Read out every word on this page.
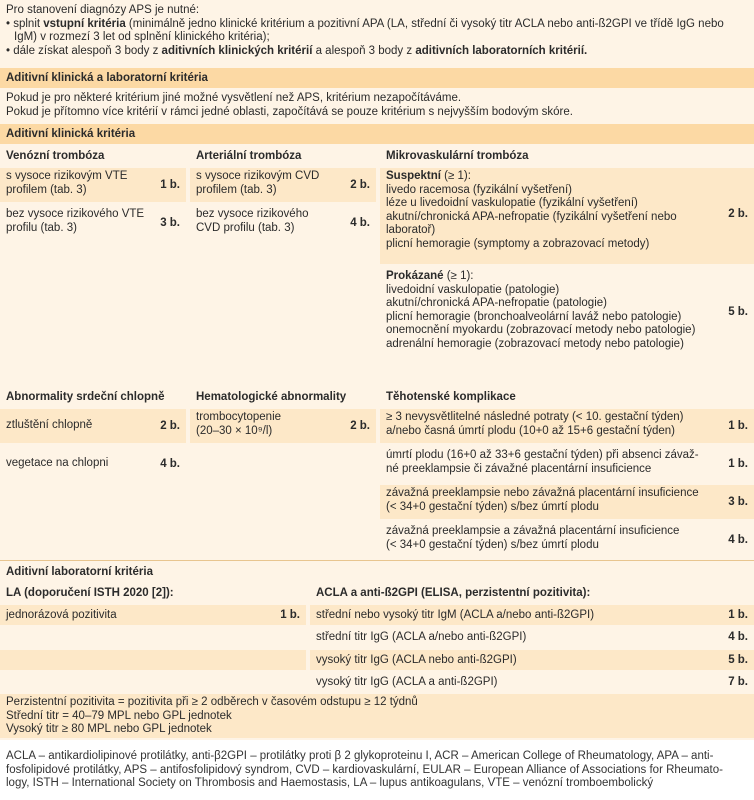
Pro stanovení diagnózy APS je nutné:
• splnit vstupní kritéria (minimálně jedno klinické kritérium a pozitivní APA (LA, střední či vysoký titr ACLA nebo anti-ß2GPI ve třídě IgG nebo
IgM) v rozmezí 3 let od splnění klinického kritéria);
• dále získat alespoň 3 body z aditivních klinických kritérií a alespoň 3 body z aditivních laboratorních kritérií.
Aditivní klinická a laboratorní kritéria
Pokud je pro některé kritérium jiné možné vysvětlení než APS, kritérium nezapočítáváme.
Pokud je přítomno více kritérií v rámci jedné oblasti, započítává se pouze kritérium s nejvyšším bodovým skóre.
Aditivní klinická kritéria
Venózní trombóza	Arteriální trombóza	Mikrovaskulární trombóza
s vysoce rizikovým VTE profilem (tab. 3)	1 b.
bez vysoce rizikového VTE profilu (tab. 3)	3 b.
s vysoce rizikovým CVD profilem (tab. 3)	2 b.
bez vysoce rizikového CVD profilu (tab. 3)	4 b.
Suspektní (≥ 1):
livedo racemosa (fyzikální vyšetření)
léze u livedoidní vaskulopatie (fyzikální vyšetření)
akutní/chronická APA-nefropatie (fyzikální vyšetření nebo laboratoř)
plicní hemoragie (symptomy a zobrazovací metody)
2 b.
Prokázané (≥ 1):
livedoidní vaskulopatie (patologie)
akutní/chronická APA-nefropatie (patologie)
plicní hemoragie (bronchoalveolární laváž nebo patologie)
onemocnění myokardu (zobrazovací metody nebo patologie)
adrenální hemoragie (zobrazovací metody nebo patologie)
5 b.
Abnormality srdeční chlopně	Hematologické abnormality	Těhotenské komplikace
ztluštění chlopně	2 b.
vegetace na chlopni	4 b.
trombocytopenie
(20–30 × 10⁹/l)	2 b.
≥ 3 nevysvětlitelné následné potraty (< 10. gestační týden)
a/nebo časná úmrtí plodu (10+0 až 15+6 gestační týden)	1 b.
úmrtí plodu (16+0 až 33+6 gestační týden) při absenci závaž-
né preeklampsie či závažné placentární insuficience	1 b.
závažná preeklampsie nebo závažná placentární insuficience
(< 34+0 gestační týden) s/bez úmrtí plodu	3 b.
závažná preeklampsie a závažná placentární insuficience
(< 34+0 gestační týden) s/bez úmrtí plodu	4 b.
Aditivní laboratorní kritéria
LA (doporučení ISTH 2020 [2]):	ACLA a anti-ß2GPI (ELISA, perzistentní pozitivita):
jednorázová pozitivita	1 b. střední nebo vysoký titr IgM (ACLA a/nebo anti-ß2GPI)	1 b.
střední titr IgG (ACLA a/nebo anti-ß2GPI)	4 b.
vysoký titr IgG (ACLA nebo anti-ß2GPI)	5 b.
vysoký titr IgG (ACLA a anti-ß2GPI)	7 b.
Perzistentní pozitivita = pozitivita při ≥ 2 odběrech v časovém odstupu ≥ 12 týdnů
Střední titr = 40–79 MPL nebo GPL jednotek
Vysoký titr ≥ 80 MPL nebo GPL jednotek
ACLA – antikardiolipinové protilátky, anti-β2GPI – protilátky proti β 2 glykoproteinu I, ACR – American College of Rheumatology, APA – anti-
fosfolipidové protilátky, APS – antifosfolipidový syndrom, CVD – kardiovaskulární, EULAR – European Alliance of Associations for Rheumato-
logy, ISTH – International Society on Thrombosis and Haemostasis, LA – lupus antikoagulans, VTE – venózní tromboembolický
